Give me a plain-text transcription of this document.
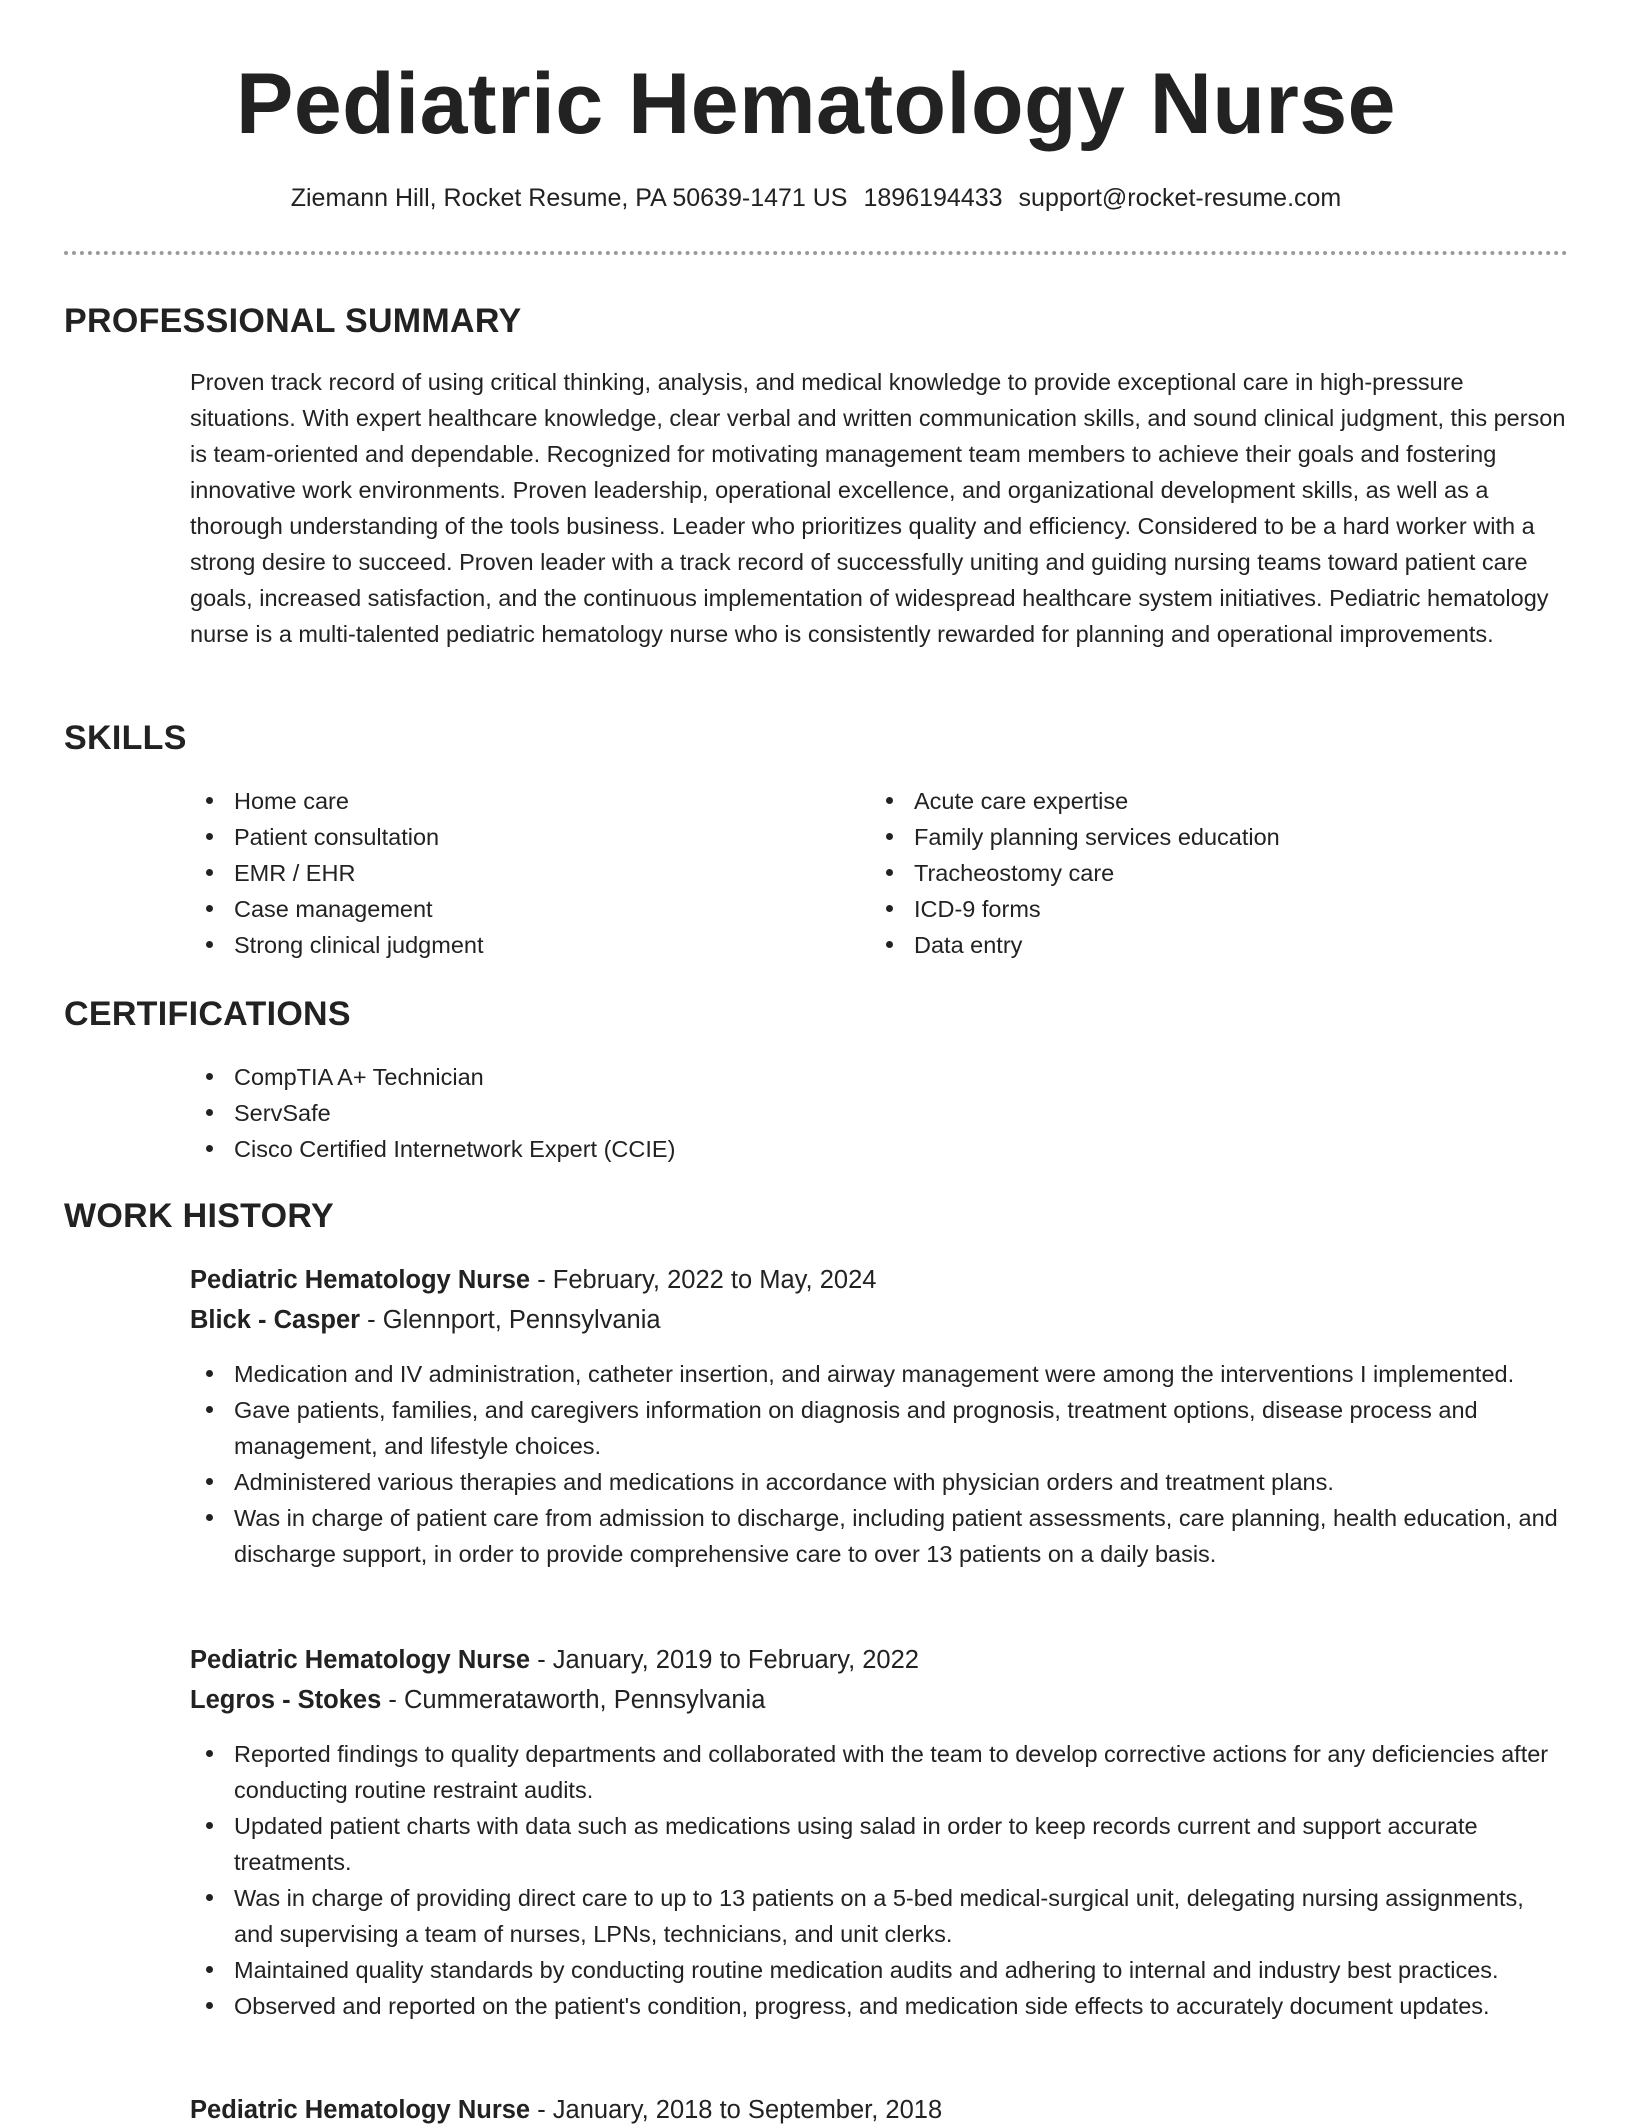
Pediatric Hematology Nurse
Ziemann Hill, Rocket Resume, PA 50639-1471 US 1896194433 support@rocket-resume.com
PROFESSIONAL SUMMARY

Proven track record of using critical thinking, analysis, and medical knowledge to provide exceptional care in high-pressure situations. With expert healthcare knowledge, clear verbal and written communication skills, and sound clinical judgment, this person is team-oriented and dependable. Recognized for motivating management team members to achieve their goals and fostering innovative work environments. Proven leadership, operational excellence, and organizational development skills, as well as a thorough understanding of the tools business. Leader who prioritizes quality and efficiency. Considered to be a hard worker with a strong desire to succeed. Proven leader with a track record of successfully uniting and guiding nursing teams toward patient care goals, increased satisfaction, and the continuous implementation of widespread healthcare system initiatives. Pediatric hematology nurse is a multi-talented pediatric hematology nurse who is consistently rewarded for planning and operational improvements.

SKILLS
Home care
Patient consultation
EMR / EHR
Case management
Strong clinical judgment
Acute care expertise
Family planning services education
Tracheostomy care
ICD-9 forms
Data entry
CERTIFICATIONS
CompTIA A+ Technician
ServSafe
Cisco Certified Internetwork Expert (CCIE)
WORK HISTORY
Pediatric Hematology Nurse - February, 2022 to May, 2024
Blick - Casper - Glennport, Pennsylvania
Medication and IV administration, catheter insertion, and airway management were among the interventions I implemented.
Gave patients, families, and caregivers information on diagnosis and prognosis, treatment options, disease process and management, and lifestyle choices.
Administered various therapies and medications in accordance with physician orders and treatment plans.
Was in charge of patient care from admission to discharge, including patient assessments, care planning, health education, and discharge support, in order to provide comprehensive care to over 13 patients on a daily basis.
Pediatric Hematology Nurse - January, 2019 to February, 2022
Legros - Stokes - Cummerataworth, Pennsylvania
Reported findings to quality departments and collaborated with the team to develop corrective actions for any deficiencies after conducting routine restraint audits.
Updated patient charts with data such as medications using salad in order to keep records current and support accurate treatments.
Was in charge of providing direct care to up to 13 patients on a 5-bed medical-surgical unit, delegating nursing assignments, and supervising a team of nurses, LPNs, technicians, and unit clerks.
Maintained quality standards by conducting routine medication audits and adhering to internal and industry best practices.
Observed and reported on the patient's condition, progress, and medication side effects to accurately document updates.
Pediatric Hematology Nurse - January, 2018 to September, 2018
